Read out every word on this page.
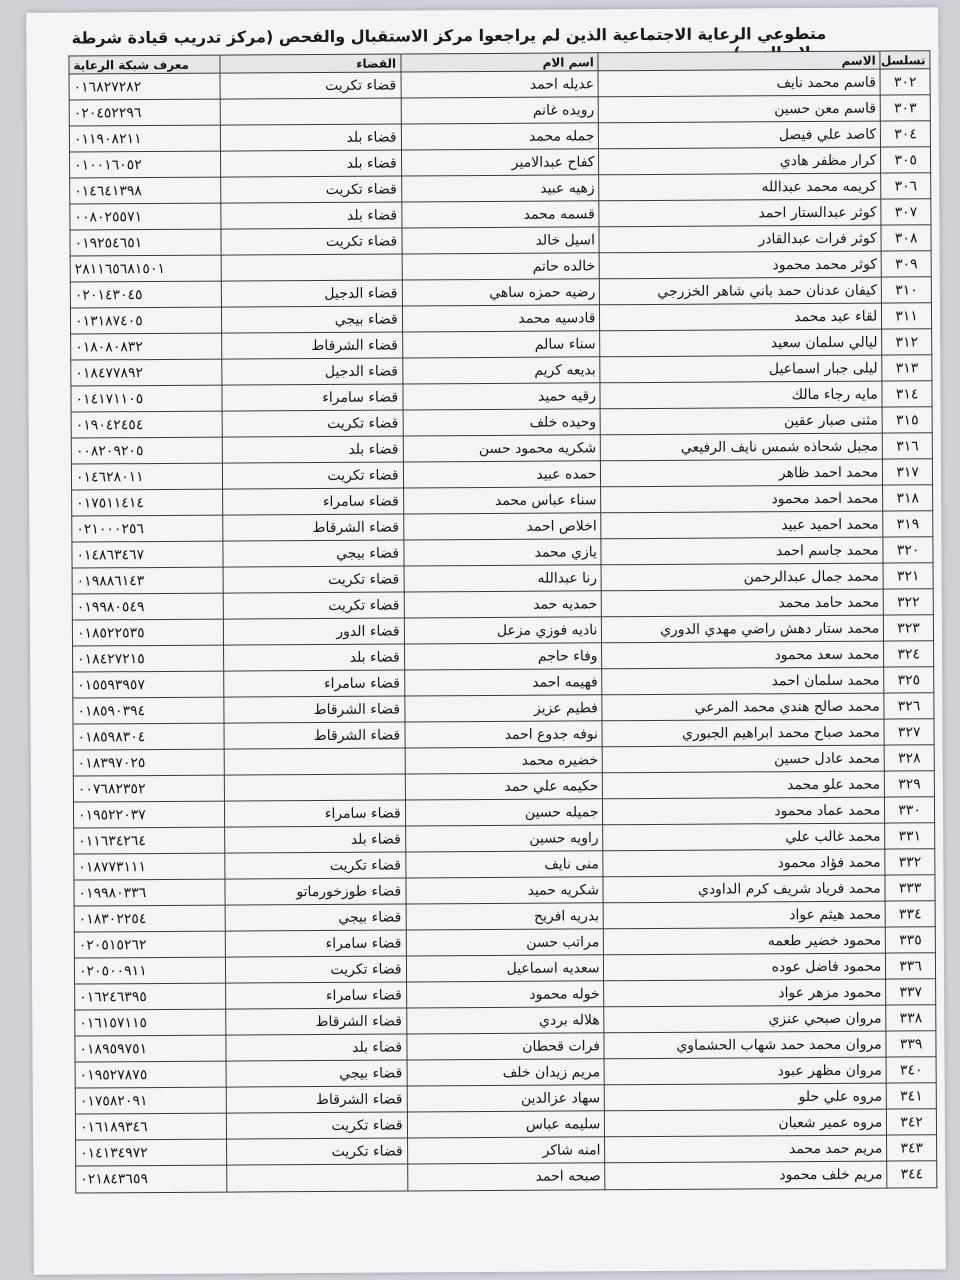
متطوعي الرعاية الاجتماعية الذين لم يراجعوا مركز الاستقبال والفحص (مركز تدريب قيادة شرطة
تسلسل	الاسم	اسم الام	القضاء	معرف شبكة الرعاية
٣٠٢	قاسم محمد نايف	عديله احمد	قضاء تكريت	٠١٦٨٢٧٢٨٢
٣٠٣	قاسم معن حسين	رويده غانم		٠٢٠٤٥٢٢٩٦
٣٠٤	كاصد علي فيصل	جمله محمد	قضاء بلد	٠١١٩٠٨٢١١
٣٠٥	كرار مظفر هادي	كفاح عبدالامير	قضاء بلد	٠١٠٠١٦٠٥٢
٣٠٦	كريمه محمد عبدالله	زهيه عبيد	قضاء تكريت	٠١٤٦٤١٣٩٨
٣٠٧	كوثر عبدالستار احمد	قسمه محمد	قضاء بلد	٠٠٨٠٢٥٥٧١
٣٠٨	كوثر فرات عبدالقادر	اسيل خالد	قضاء تكريت	٠١٩٢٥٤٦٥١
٣٠٩	كوثر محمد محمود	خالده حاتم		٢٨١١٦٥٦٨١٥٠١
٣١٠	كيفان عدنان حمد باني شاهر الخزرجي	رضيه حمزه ساهي	قضاء الدجيل	٠٢٠١٤٣٠٤٥
٣١١	لقاء عبد محمد	قادسيه محمد	قضاء بيجي	٠١٣١٨٧٤٠٥
٣١٢	ليالي سلمان سعيد	سناء سالم	قضاء الشرقاط	٠١٨٠٨٠٨٣٢
٣١٣	ليلى جبار اسماعيل	بديعه كريم	قضاء الدجيل	٠١٨٤٧٧٨٩٢
٣١٤	مايه رجاء مالك	رقيه حميد	قضاء سامراء	٠١٤١٧١١٠٥
٣١٥	مثنى صبار عقين	وحيده خلف	قضاء تكريت	٠١٩٠٤٢٤٥٤
٣١٦	مجبل شحاذه شمس نايف الرفيعي	شكريه محمود حسن	قضاء بلد	٠٠٨٢٠٩٢٠٥
٣١٧	محمد احمد ظاهر	حمده عبيد	قضاء تكريت	٠١٤٦٢٨٠١١
٣١٨	محمد احمد محمود	سناء عباس محمد	قضاء سامراء	٠١٧٥١١٤١٤
٣١٩	محمد احميد عبيد	اخلاص احمد	قضاء الشرقاط	٠٢١٠٠٠٢٥٦
٣٢٠	محمد جاسم احمد	يازي محمد	قضاء بيجي	٠١٤٨٦٣٤٦٧
٣٢١	محمد جمال عبدالرحمن	رنا عبدالله	قضاء تكريت	٠١٩٨٨٦١٤٣
٣٢٢	محمد حامد محمد	حمديه حمد	قضاء تكريت	٠١٩٩٨٠٥٤٩
٣٢٣	محمد ستار دهش راضي مهدي الدوري	ناديه فوزي مزعل	قضاء الدور	٠١٨٥٢٢٥٣٥
٣٢٤	محمد سعد محمود	وفاء حاجم	قضاء بلد	٠١٨٤٢٧٢١٥
٣٢٥	محمد سلمان احمد	فهيمه احمد	قضاء سامراء	٠١٥٥٩٣٩٥٧
٣٢٦	محمد صالح هندي محمد المرعي	فطيم عزيز	قضاء الشرقاط	٠١٨٥٩٠٣٩٤
٣٢٧	محمد صباح محمد ابراهيم الجبوري	نوفه جدوع احمد	قضاء الشرقاط	٠١٨٥٩٨٣٠٤
٣٢٨	محمد عادل حسين	خضيره محمد		٠١٨٣٩٧٠٢٥
٣٢٩	محمد علو محمد	حكيمه علي حمد		٠٠٧٦٨٢٣٥٢
٣٣٠	محمد عماد محمود	جميله حسين	قضاء سامراء	٠١٩٥٢٢٠٣٧
٣٣١	محمد غالب علي	راويه حسين	قضاء بلد	٠١١٦٣٤٢٦٤
٣٣٢	محمد فؤاد محمود	منى نايف	قضاء تكريت	٠١٨٧٧٣١١١
٣٣٣	محمد فرياد شريف كرم الداودي	شكريه حميد	قضاء طوزخورماتو	٠١٩٩٨٠٣٣٦
٣٣٤	محمد هيثم عواد	بدريه افريح	قضاء بيجي	٠١٨٣٠٢٢٥٤
٣٣٥	محمود خضير طعمه	مراتب حسن	قضاء سامراء	٠٢٠٥١٥٢٦٢
٣٣٦	محمود فاضل عوده	سعديه اسماعيل	قضاء تكريت	٠٢٠٥٠٠٩١١
٣٣٧	محمود مزهر عواد	خوله محمود	قضاء سامراء	٠١٦٢٤٦٣٩٥
٣٣٨	مروان صبحي عنزي	هلاله بردي	قضاء الشرقاط	٠١٦١٥٧١١٥
٣٣٩	مروان محمد حمد شهاب الحشماوي	فرات قحطان	قضاء بلد	٠١٨٩٥٩٧٥١
٣٤٠	مروان مظهر عبود	مريم زيدان خلف	قضاء بيجي	٠١٩٥٢٧٨٧٥
٣٤١	مروه علي حلو	سهاد عزالدين	قضاء الشرقاط	٠١٧٥٨٢٠٩١
٣٤٢	مروه عمير شعبان	سليمه عباس	قضاء تكريت	٠١٦١٨٩٣٤٦
٣٤٣	مريم حمد محمد	امنه شاكر	قضاء تكريت	٠١٤١٣٤٩٧٢
٣٤٤	مريم خلف محمود	صبحه احمد		٠٢١٨٤٣٦٥٩
